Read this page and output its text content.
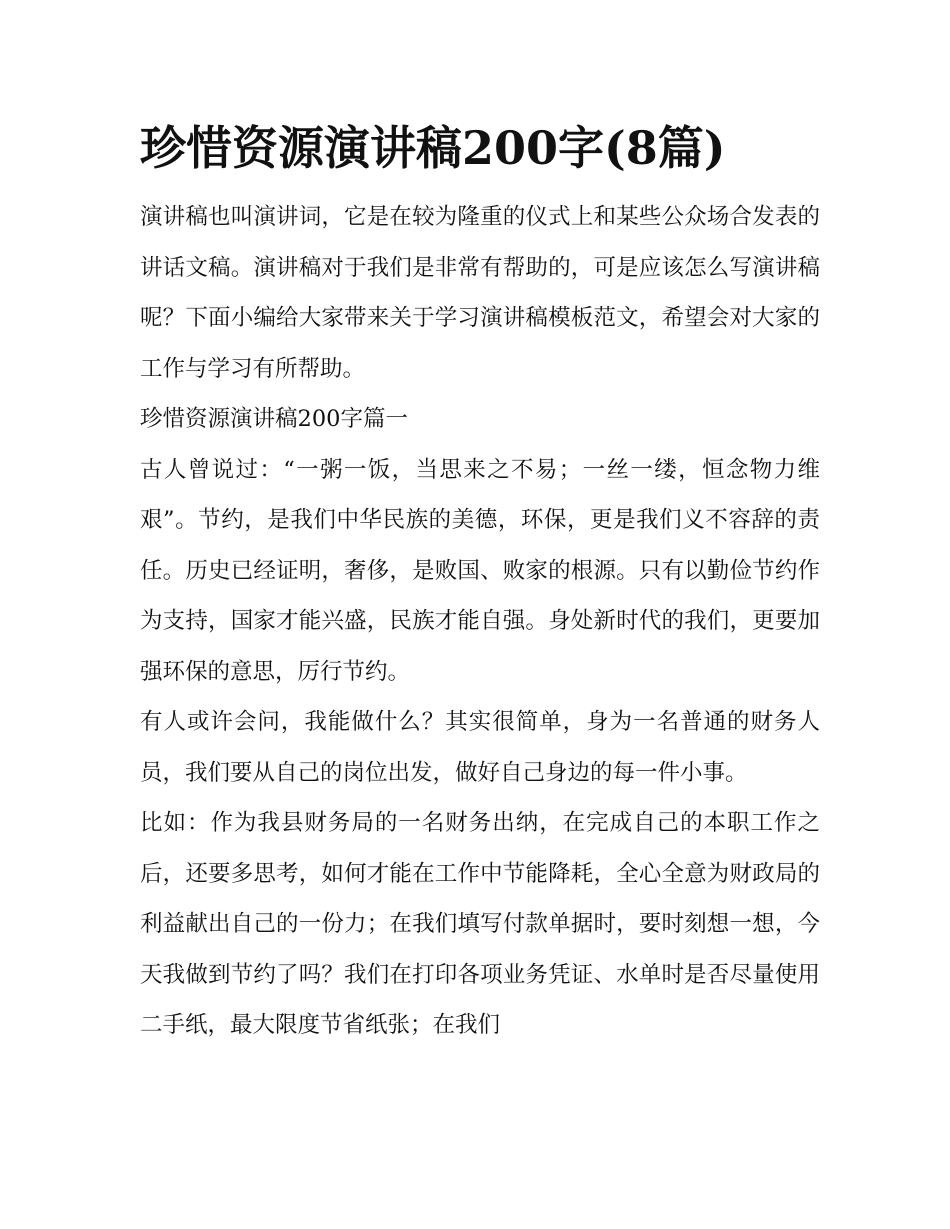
珍惜资源演讲稿200字(8篇)

演讲稿也叫演讲词，它是在较为隆重的仪式上和某些公众场合发表的讲话文稿。演讲稿对于我们是非常有帮助的，可是应该怎么写演讲稿呢？下面小编给大家带来关于学习演讲稿模板范文，希望会对大家的工作与学习有所帮助。

珍惜资源演讲稿200字篇一

古人曾说过：“一粥一饭，当思来之不易；一丝一缕，恒念物力维艰”。节约，是我们中华民族的美德，环保，更是我们义不容辞的责任。历史已经证明，奢侈，是败国、败家的根源。只有以勤俭节约作为支持，国家才能兴盛，民族才能自强。身处新时代的我们，更要加强环保的意思，厉行节约。

有人或许会问，我能做什么？其实很简单，身为一名普通的财务人员，我们要从自己的岗位出发，做好自己身边的每一件小事。

比如：作为我县财务局的一名财务出纳，在完成自己的本职工作之后，还要多思考，如何才能在工作中节能降耗，全心全意为财政局的利益献出自己的一份力；在我们填写付款单据时，要时刻想一想，今天我做到节约了吗？我们在打印各项业务凭证、水单时是否尽量使用二手纸，最大限度节省纸张；在我们
